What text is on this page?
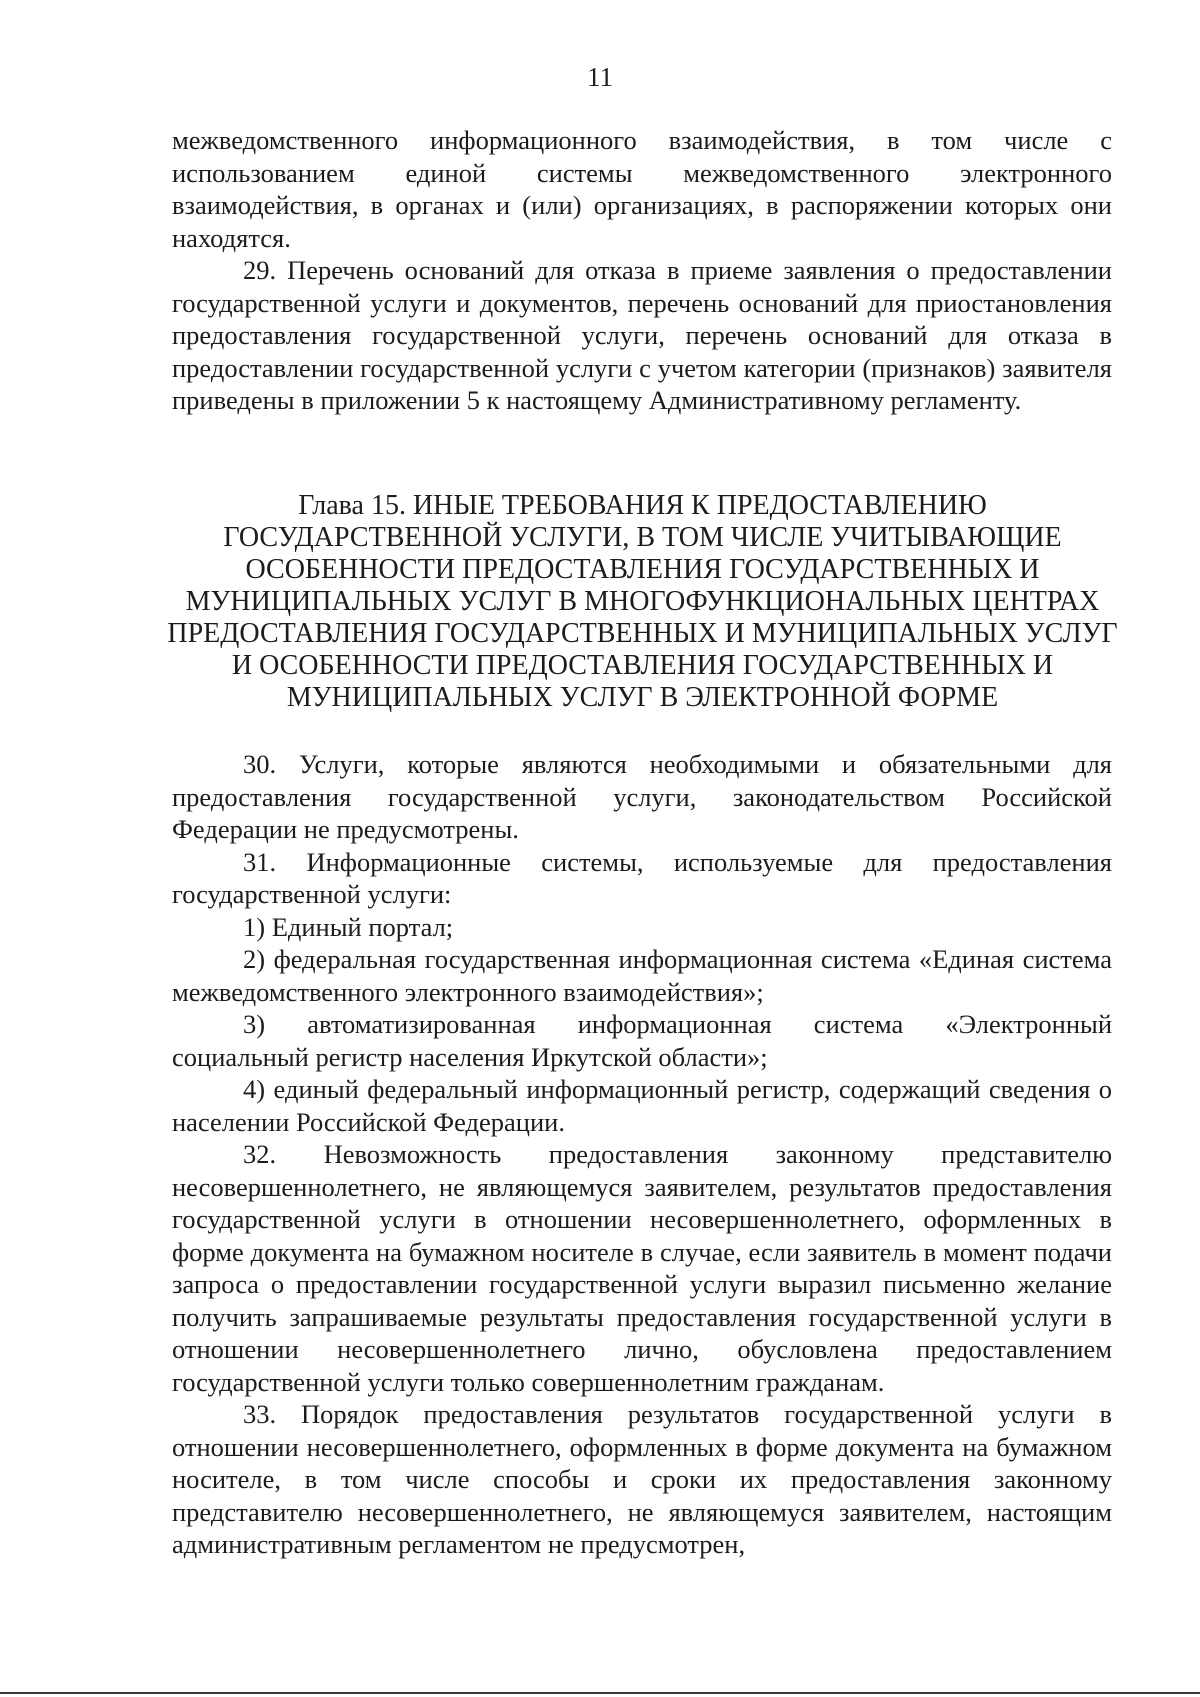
11

межведомственного информационного взаимодействия, в том числе с использованием единой системы межведомственного электронного взаимодействия, в органах и (или) организациях, в распоряжении которых они находятся.

29. Перечень оснований для отказа в приеме заявления о предоставлении государственной услуги и документов, перечень оснований для приостановления предоставления государственной услуги, перечень оснований для отказа в предоставлении государственной услуги с учетом категории (признаков) заявителя приведены в приложении 5 к настоящему Административному регламенту.

Глава 15. ИНЫЕ ТРЕБОВАНИЯ К ПРЕДОСТАВЛЕНИЮ ГОСУДАРСТВЕННОЙ УСЛУГИ, В ТОМ ЧИСЛЕ УЧИТЫВАЮЩИЕ ОСОБЕННОСТИ ПРЕДОСТАВЛЕНИЯ ГОСУДАРСТВЕННЫХ И МУНИЦИПАЛЬНЫХ УСЛУГ В МНОГОФУНКЦИОНАЛЬНЫХ ЦЕНТРАХ ПРЕДОСТАВЛЕНИЯ ГОСУДАРСТВЕННЫХ И МУНИЦИПАЛЬНЫХ УСЛУГ И ОСОБЕННОСТИ ПРЕДОСТАВЛЕНИЯ ГОСУДАРСТВЕННЫХ И МУНИЦИПАЛЬНЫХ УСЛУГ В ЭЛЕКТРОННОЙ ФОРМЕ

30. Услуги, которые являются необходимыми и обязательными для предоставления государственной услуги, законодательством Российской Федерации не предусмотрены.

31. Информационные системы, используемые для предоставления государственной услуги:

1) Единый портал;

2) федеральная государственная информационная система «Единая система межведомственного электронного взаимодействия»;

3) автоматизированная информационная система «Электронный социальный регистр населения Иркутской области»;

4) единый федеральный информационный регистр, содержащий сведения о населении Российской Федерации.

32. Невозможность предоставления законному представителю несовершеннолетнего, не являющемуся заявителем, результатов предоставления государственной услуги в отношении несовершеннолетнего, оформленных в форме документа на бумажном носителе в случае, если заявитель в момент подачи запроса о предоставлении государственной услуги выразил письменно желание получить запрашиваемые результаты предоставления государственной услуги в отношении несовершеннолетнего лично, обусловлена предоставлением государственной услуги только совершеннолетним гражданам.

33. Порядок предоставления результатов государственной услуги в отношении несовершеннолетнего, оформленных в форме документа на бумажном носителе, в том числе способы и сроки их предоставления законному представителю несовершеннолетнего, не являющемуся заявителем, настоящим административным регламентом не предусмотрен,
